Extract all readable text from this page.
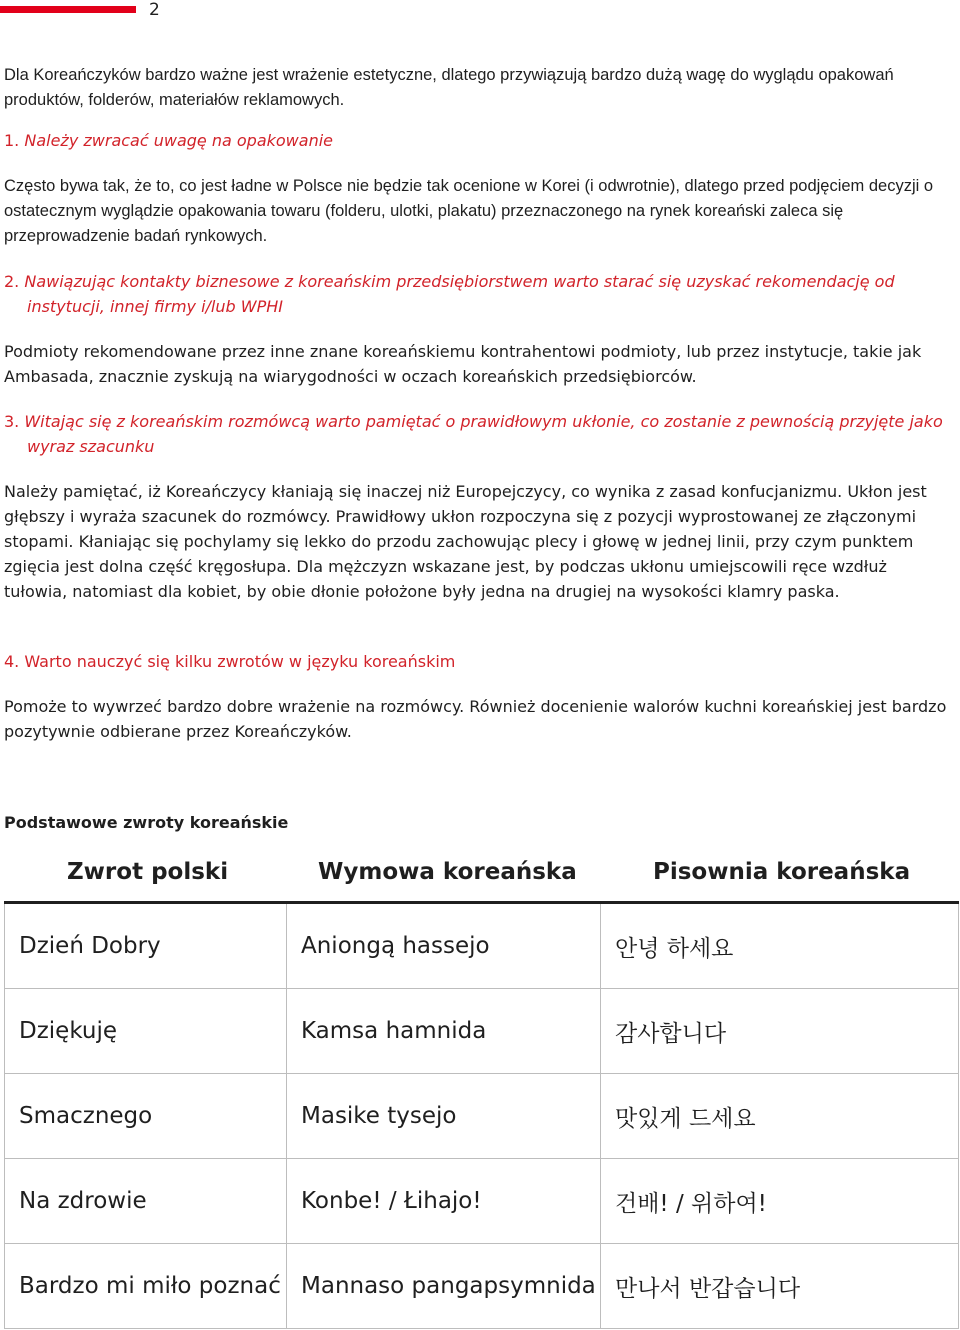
2

Dla Koreańczyków bardzo ważne jest wrażenie estetyczne, dlatego przywiązują bardzo dużą wagę do wyglądu opakowań produktów, folderów, materiałów reklamowych.

1. Należy zwracać uwagę na opakowanie

Często bywa tak, że to, co jest ładne w Polsce nie będzie tak ocenione w Korei (i odwrotnie), dlatego przed podjęciem decyzji o ostatecznym wyglądzie opakowania towaru (folderu, ulotki, plakatu) przeznaczonego na rynek koreański zaleca się przeprowadzenie badań rynkowych.

2. Nawiązując kontakty biznesowe z koreańskim przedsiębiorstwem warto starać się uzyskać rekomendację od instytucji, innej firmy i/lub WPHI

Podmioty rekomendowane przez inne znane koreańskiemu kontrahentowi podmioty, lub przez instytucje, takie jak Ambasada, znacznie zyskują na wiarygodności w oczach koreańskich przedsiębiorców.

3. Witając się z koreańskim rozmówcą warto pamiętać o prawidłowym ukłonie, co zostanie z pewnością przyjęte jako wyraz szacunku

Należy pamiętać, iż Koreańczycy kłaniają się inaczej niż Europejczycy, co wynika z zasad konfucjanizmu. Ukłon jest głębszy i wyraża szacunek do rozmówcy. Prawidłowy ukłon rozpoczyna się z pozycji wyprostowanej ze złączonymi stopami. Kłaniając się pochylamy się lekko do przodu zachowując plecy i głowę w jednej linii, przy czym punktem zgięcia jest dolna część kręgosłupa. Dla mężczyzn wskazane jest, by podczas ukłonu umiejscowili ręce wzdłuż tułowia, natomiast dla kobiet, by obie dłonie położone były jedna na drugiej na wysokości klamry paska.

4. Warto nauczyć się kilku zwrotów w języku koreańskim

Pomoże to wywrzeć bardzo dobre wrażenie na rozmówcy. Również docenienie walorów kuchni koreańskiej jest bardzo pozytywnie odbierane przez Koreańczyków.

Podstawowe zwroty koreańskie

Zwrot polski	Wymowa koreańska	Pisownia koreańska
Dzień Dobry	Aniongą hassejo	안녕 하세요
Dziękuję	Kamsa hamnida	감사합니다
Smacznego	Masike tysejo	맛있게 드세요
Na zdrowie	Konbe! / Łihajo!	건배! / 위하여!
Bardzo mi miło poznać	Mannaso pangapsymnida	만나서 반갑습니다
